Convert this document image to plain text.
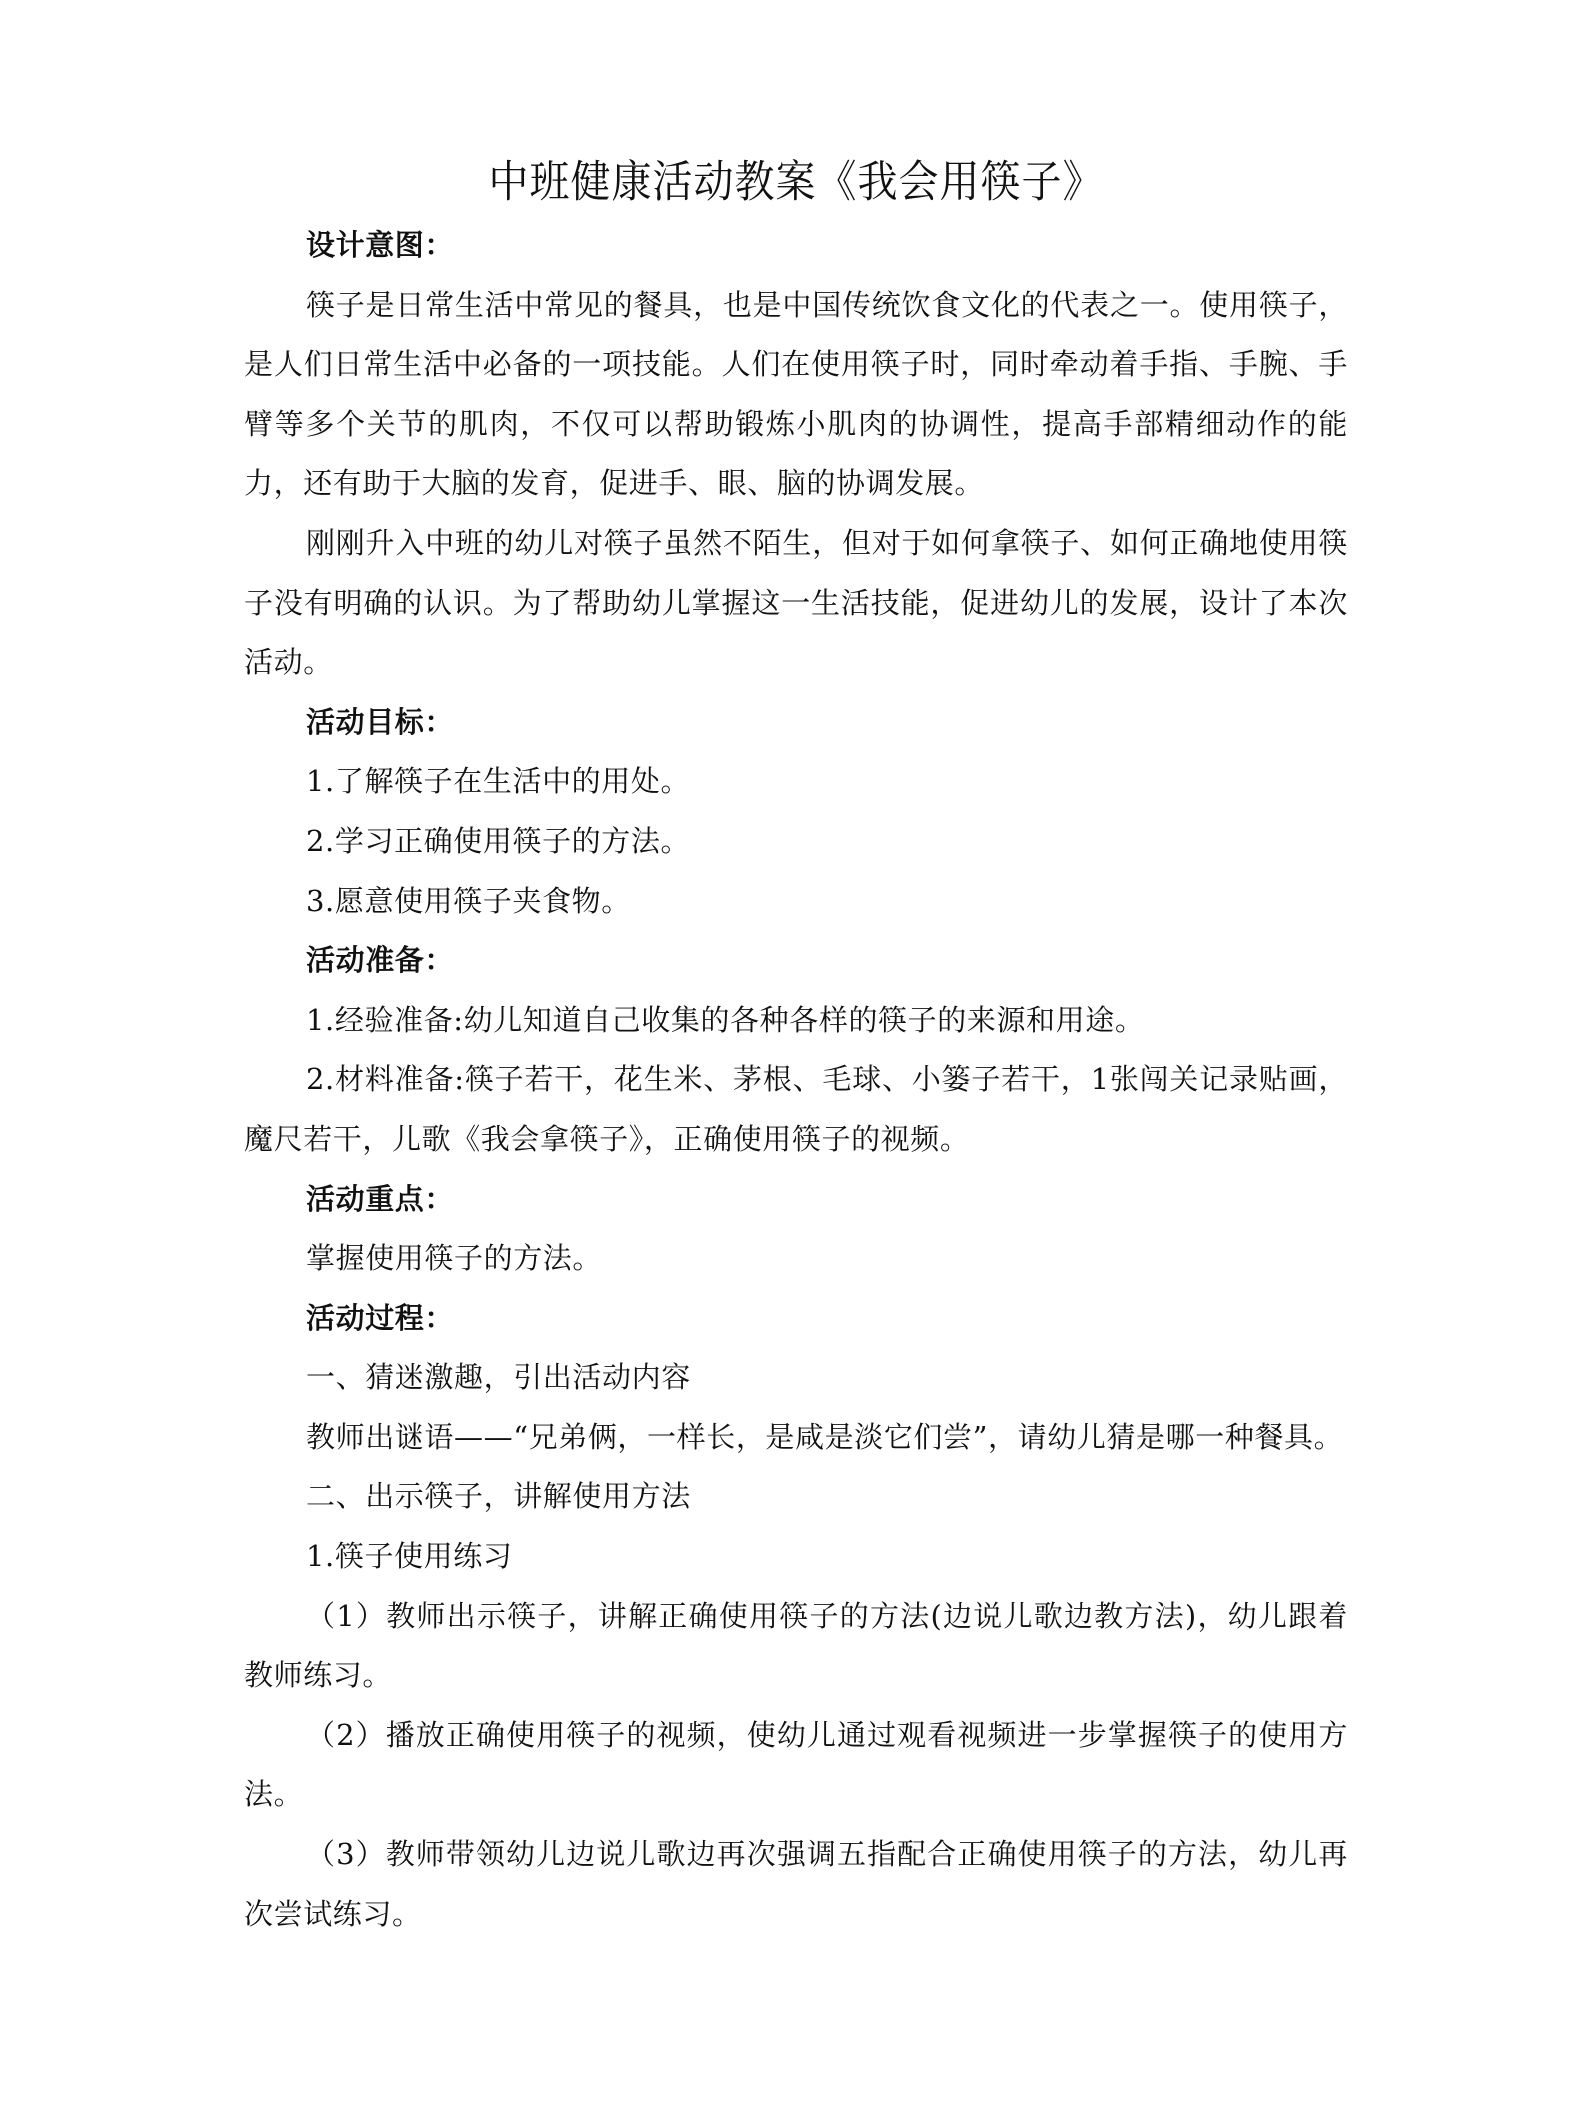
中班健康活动教案《我会用筷子》

设计意图：

筷子是日常生活中常见的餐具，也是中国传统饮食文化的代表之一。使用筷子，是人们日常生活中必备的一项技能。人们在使用筷子时，同时牵动着手指、手腕、手臂等多个关节的肌肉，不仅可以帮助锻炼小肌肉的协调性，提高手部精细动作的能力，还有助于大脑的发育，促进手、眼、脑的协调发展。

刚刚升入中班的幼儿对筷子虽然不陌生，但对于如何拿筷子、如何正确地使用筷子没有明确的认识。为了帮助幼儿掌握这一生活技能，促进幼儿的发展，设计了本次活动。

活动目标：

1.了解筷子在生活中的用处。

2.学习正确使用筷子的方法。

3.愿意使用筷子夹食物。

活动准备：

1.经验准备:幼儿知道自己收集的各种各样的筷子的来源和用途。

2.材料准备:筷子若干，花生米、茅根、毛球、小篓子若干，1张闯关记录贴画，魔尺若干，儿歌《我会拿筷子》，正确使用筷子的视频。

活动重点：

掌握使用筷子的方法。

活动过程：

一、猜迷激趣，引出活动内容

教师出谜语——“兄弟俩，一样长，是咸是淡它们尝”，请幼儿猜是哪一种餐具。

二、出示筷子，讲解使用方法

1.筷子使用练习

（1）教师出示筷子，讲解正确使用筷子的方法(边说儿歌边教方法)，幼儿跟着教师练习。

（2）播放正确使用筷子的视频，使幼儿通过观看视频进一步掌握筷子的使用方法。

（3）教师带领幼儿边说儿歌边再次强调五指配合正确使用筷子的方法，幼儿再次尝试练习。
